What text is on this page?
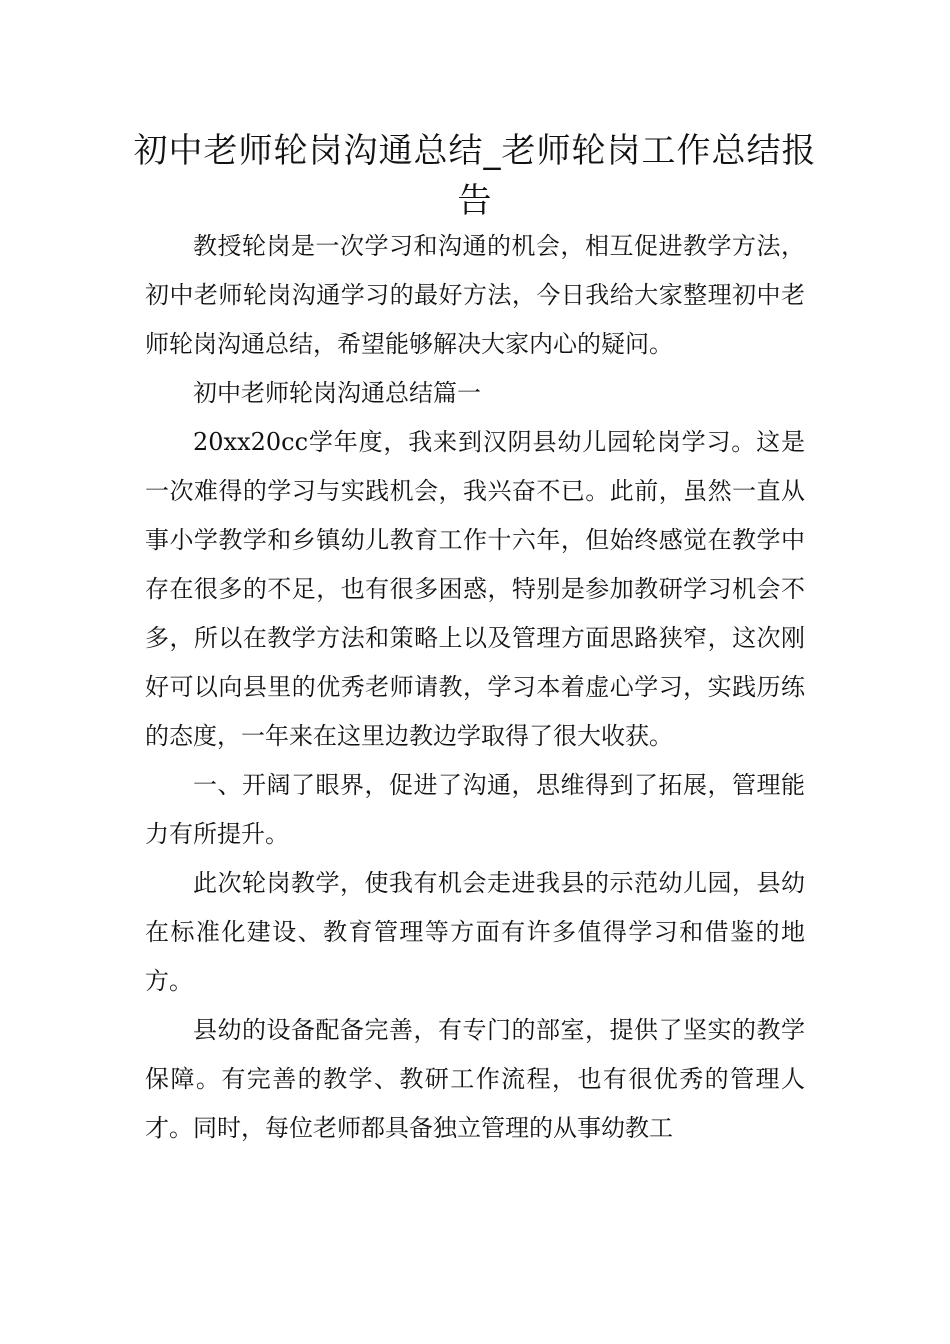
初中老师轮岗沟通总结_老师轮岗工作总结报告

教授轮岗是一次学习和沟通的机会，相互促进教学方法，初中老师轮岗沟通学习的最好方法，今日我给大家整理初中老师轮岗沟通总结，希望能够解决大家内心的疑问。

初中老师轮岗沟通总结篇一

20xx20cc学年度，我来到汉阴县幼儿园轮岗学习。这是一次难得的学习与实践机会，我兴奋不已。此前，虽然一直从事小学教学和乡镇幼儿教育工作十六年，但始终感觉在教学中存在很多的不足，也有很多困惑，特别是参加教研学习机会不多，所以在教学方法和策略上以及管理方面思路狭窄，这次刚好可以向县里的优秀老师请教，学习本着虚心学习，实践历练的态度，一年来在这里边教边学取得了很大收获。

一、开阔了眼界，促进了沟通，思维得到了拓展，管理能力有所提升。

此次轮岗教学，使我有机会走进我县的示范幼儿园，县幼在标准化建设、教育管理等方面有许多值得学习和借鉴的地方。

县幼的设备配备完善，有专门的部室，提供了坚实的教学保障。有完善的教学、教研工作流程，也有很优秀的管理人才。同时，每位老师都具备独立管理的从事幼教工
